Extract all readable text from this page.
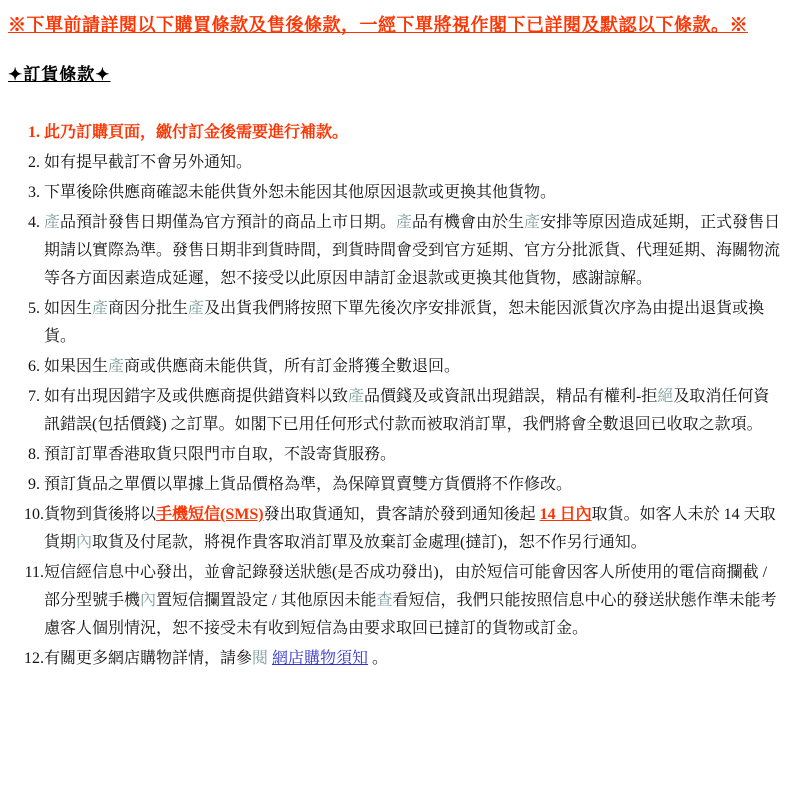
※下單前請詳閱以下購買條款及售後條款，一經下單將視作閣下已詳閱及默認以下條款。※
✦訂貨條款✦
1. 此乃訂購頁面，繳付訂金後需要進行補款。
2. 如有提早截訂不會另外通知。
3. 下單後除供應商確認未能供貨外恕未能因其他原因退款或更換其他貨物。
4. 產品預計發售日期僅為官方預計的商品上市日期。產品有機會由於生產安排等原因造成延期，正式發售日期請以實際為準。發售日期非到貨時間，到貨時間會受到官方延期、官方分批派貨、代理延期、海關物流等各方面因素造成延遲，恕不接受以此原因申請訂金退款或更換其他貨物，感謝諒解。
5. 如因生產商因分批生產及出貨我們將按照下單先後次序安排派貨，恕未能因派貨次序為由提出退貨或換貨。
6. 如果因生產商或供應商未能供貨，所有訂金將獲全數退回。
7. 如有出現因錯字及或供應商提供錯資料以致產品價錢及或資訊出現錯誤，精品有權利-拒絕及取消任何資訊錯誤(包括價錢) 之訂單。如閣下已用任何形式付款而被取消訂單，我們將會全數退回已收取之款項。
8. 預訂訂單香港取貨只限門市自取，不設寄貨服務。
9. 預訂貨品之單價以單據上貨品價格為準，為保障買賣雙方貨價將不作修改。
10. 貨物到貨後將以手機短信(SMS)發出取貨通知，貴客請於發到通知後起 14 日內取貨。如客人未於 14 天取貨期內取貨及付尾款，將視作貴客取消訂單及放棄訂金處理(撻訂)，恕不作另行通知。
11. 短信經信息中心發出，並會記錄發送狀態(是否成功發出)，由於短信可能會因客人所使用的電信商攔截 / 部分型號手機內置短信攔置設定 / 其他原因未能查看短信，我們只能按照信息中心的發送狀態作準未能考慮客人個別情況，恕不接受未有收到短信為由要求取回已撻訂的貨物或訂金。
12. 有關更多網店購物詳情，請參閱 網店購物須知 。
